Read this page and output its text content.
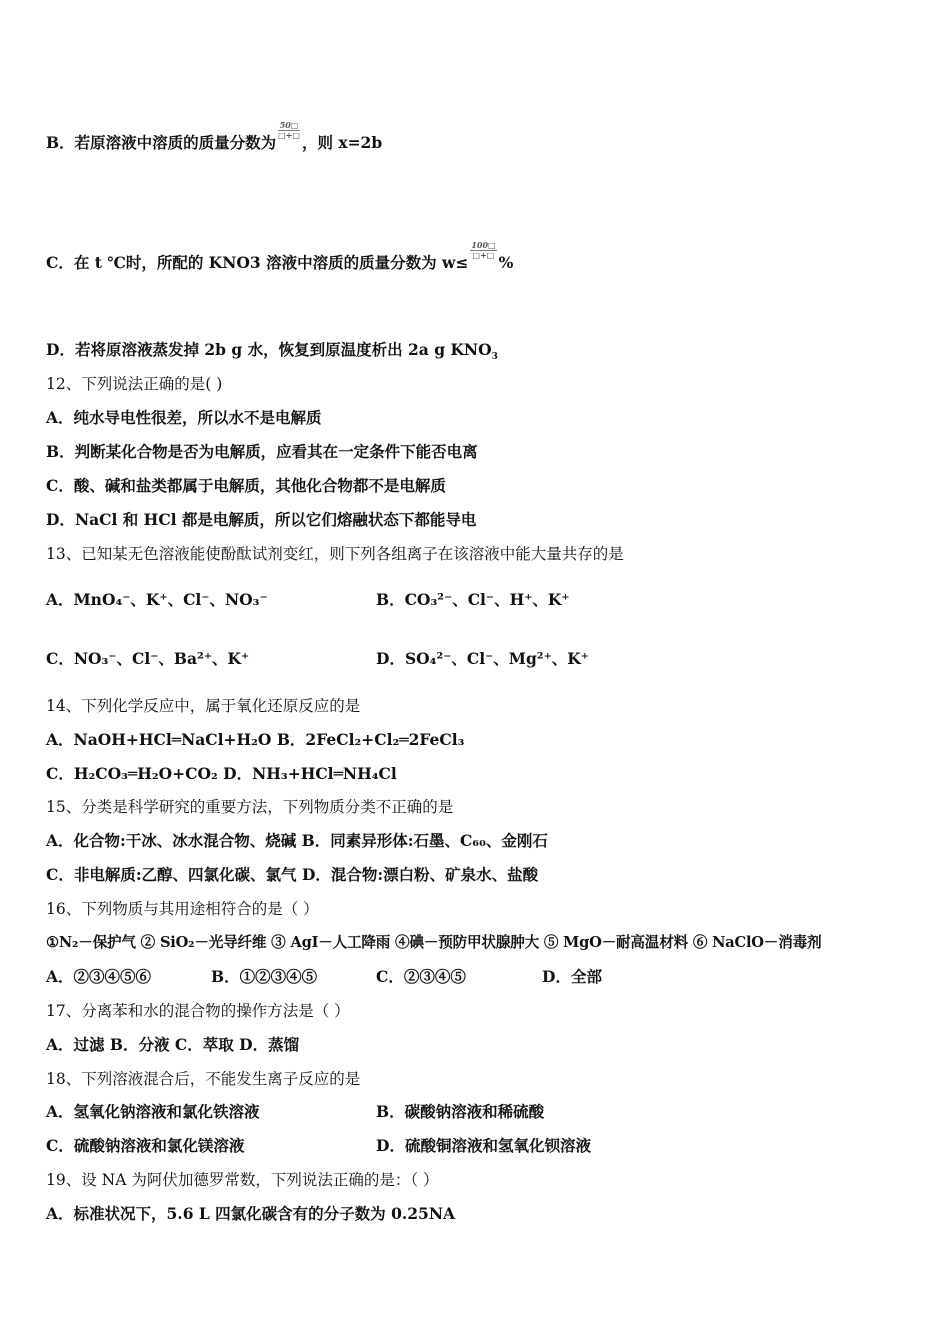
B．若原溶液中溶质的质量分数为
$\frac{50□}{□+□}$
，则 x=2b
C．在 t ℃时，所配的 KNO3 溶液中溶质的质量分数为 w≤
$\frac{100□}{□+□}$
%
D．若将原溶液蒸发掉 2b g 水，恢复到原温度析出 2a g $KNO_3$
12、下列说法正确的是( )
A．纯水导电性很差，所以水不是电解质
B．判断某化合物是否为电解质，应看其在一定条件下能否电离
C．酸、碱和盐类都属于电解质，其他化合物都不是电解质
D．NaCl 和 HCl 都是电解质，所以它们熔融状态下都能导电
13、已知某无色溶液能使酚酞试剂变红，则下列各组离子在该溶液中能大量共存的是
A．MnO₄⁻、K⁺、Cl⁻、NO₃⁻	B．CO₃²⁻、Cl⁻、H⁺、K⁺
C．NO₃⁻、Cl⁻、Ba²⁺、K⁺	D．SO₄²⁻、Cl⁻、Mg²⁺、K⁺
14、下列化学反应中，属于氧化还原反应的是
A．NaOH+HCl═NaCl+H₂O B．2FeCl₂+Cl₂═2FeCl₃
C．H₂CO₃═H₂O+CO₂ D．NH₃+HCl═NH₄Cl
15、分类是科学研究的重要方法，下列物质分类不正确的是
A．化合物:干冰、冰水混合物、烧碱 B．同素异形体:石墨、C₆₀、金刚石
C．非电解质:乙醇、四氯化碳、氯气 D．混合物:漂白粉、矿泉水、盐酸
16、下列物质与其用途相符合的是（ ）
①N₂－保护气 ② SiO₂－光导纤维 ③ AgI－人工降雨 ④碘－预防甲状腺肿大 ⑤ MgO－耐高温材料 ⑥ NaClO－消毒剂
A．②③④⑤⑥	B．①②③④⑤	C．②③④⑤	D．全部
17、分离苯和水的混合物的操作方法是（ ）
A．过滤 B．分液 C．萃取 D．蒸馏
18、下列溶液混合后，不能发生离子反应的是
A．氢氧化钠溶液和氯化铁溶液	B．碳酸钠溶液和稀硫酸
C．硫酸钠溶液和氯化镁溶液	D．硫酸铜溶液和氢氧化钡溶液
19、设 NA 为阿伏加德罗常数，下列说法正确的是：（ ）
A．标准状况下，5.6 L 四氯化碳含有的分子数为 0.25NA
